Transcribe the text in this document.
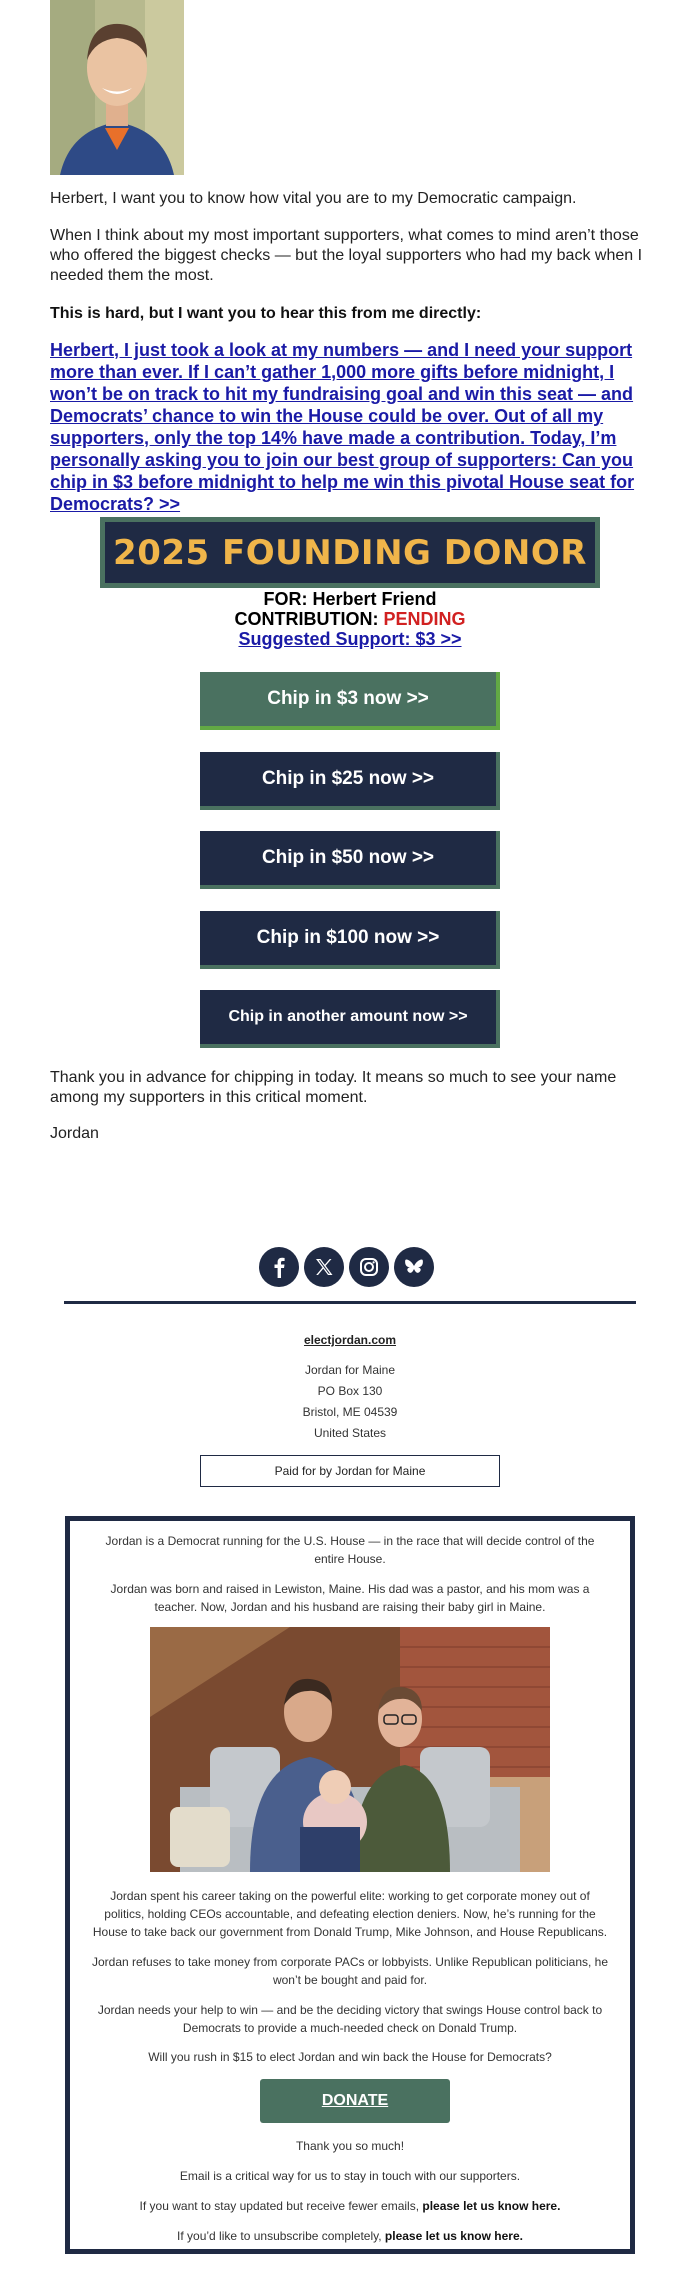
Herbert, I want you to know how vital you are to my Democratic campaign.

When I think about my most important supporters, what comes to mind aren’t those who offered the biggest checks — but the loyal supporters who had my back when I needed them the most.

This is hard, but I want you to hear this from me directly:

Herbert, I just took a look at my numbers — and I need your support more than ever. If I can’t gather 1,000 more gifts before midnight, I won’t be on track to hit my fundraising goal and win this seat — and Democrats’ chance to win the House could be over. Out of all my supporters, only the top 14% have made a contribution. Today, I’m personally asking you to join our best group of supporters: Can you chip in $3 before midnight to help me win this pivotal House seat for Democrats? >>

2025 FOUNDING DONOR
FOR: Herbert Friend
CONTRIBUTION: PENDING
Suggested Support: $3 >>
Chip in $3 now >>
Chip in $25 now >>
Chip in $50 now >>
Chip in $100 now >>
Chip in another amount now >>

Thank you in advance for chipping in today. It means so much to see your name among my supporters in this critical moment.

Jordan

electjordan.com
Jordan for Maine
PO Box 130
Bristol, ME 04539
United States
Paid for by Jordan for Maine

Jordan is a Democrat running for the U.S. House — in the race that will decide control of the entire House.

Jordan was born and raised in Lewiston, Maine. His dad was a pastor, and his mom was a teacher. Now, Jordan and his husband are raising their baby girl in Maine.

Jordan spent his career taking on the powerful elite: working to get corporate money out of politics, holding CEOs accountable, and defeating election deniers. Now, he’s running for the House to take back our government from Donald Trump, Mike Johnson, and House Republicans.

Jordan refuses to take money from corporate PACs or lobbyists. Unlike Republican politicians, he won’t be bought and paid for.

Jordan needs your help to win — and be the deciding victory that swings House control back to Democrats to provide a much-needed check on Donald Trump.

Will you rush in $15 to elect Jordan and win back the House for Democrats?

DONATE

Thank you so much!

Email is a critical way for us to stay in touch with our supporters.

If you want to stay updated but receive fewer emails, please let us know here.

If you’d like to unsubscribe completely, please let us know here.
